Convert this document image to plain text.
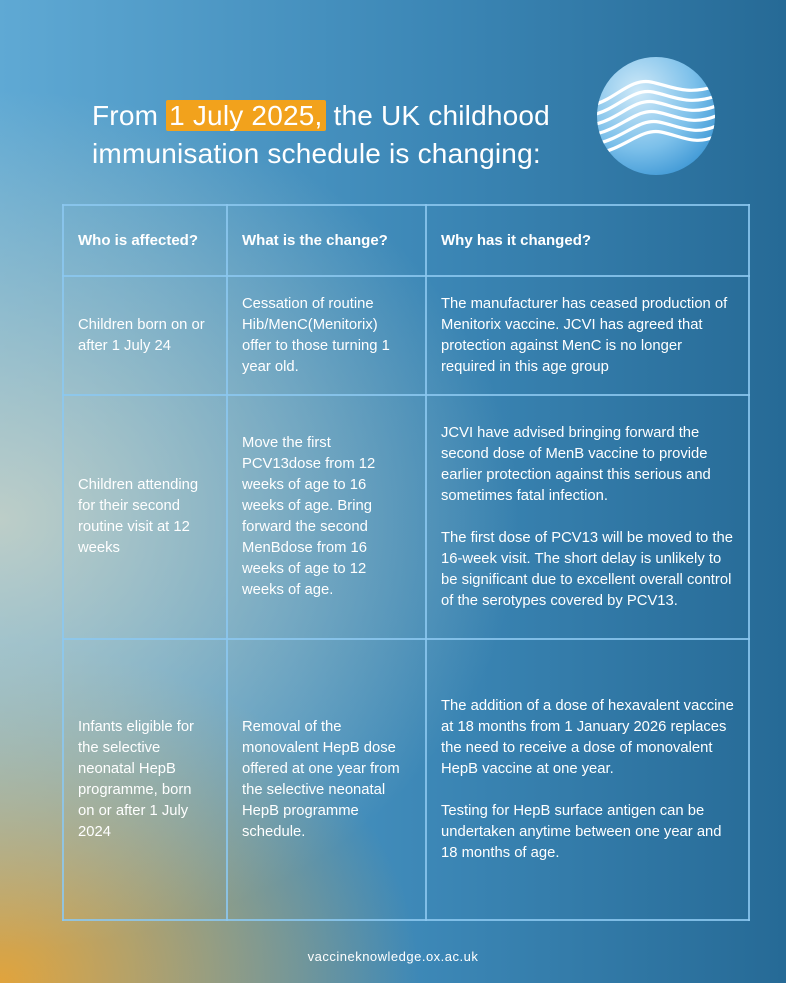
From 1 July 2025, the UK childhood
immunisation schedule is changing:
Who is affected?	What is the change?	Why has it changed?
Children born on or after 1 July 24	Cessation of routine Hib/MenC(Menitorix) offer to those turning 1 year old.	The manufacturer has ceased production of Menitorix vaccine. JCVI has agreed that protection against MenC is no longer required in this age group
Children attending for their second routine visit at 12 weeks	Move the first PCV13dose from 12 weeks of age to 16 weeks of age. Bring forward the second MenBdose from 16 weeks of age to 12 weeks of age.	JCVI have advised bringing forward the second dose of MenB vaccine to provide earlier protection against this serious and sometimes fatal infection.

The first dose of PCV13 will be moved to the 16-week visit. The short delay is unlikely to be significant due to excellent overall control of the serotypes covered by PCV13.
Infants eligible for the selective neonatal HepB programme, born on or after 1 July 2024	Removal of the monovalent HepB dose offered at one year from the selective neonatal HepB programme schedule.	The addition of a dose of hexavalent vaccine at 18 months from 1 January 2026 replaces the need to receive a dose of monovalent HepB vaccine at one year.

Testing for HepB surface antigen can be undertaken anytime between one year and 18 months of age.
vaccineknowledge.ox.ac.uk
